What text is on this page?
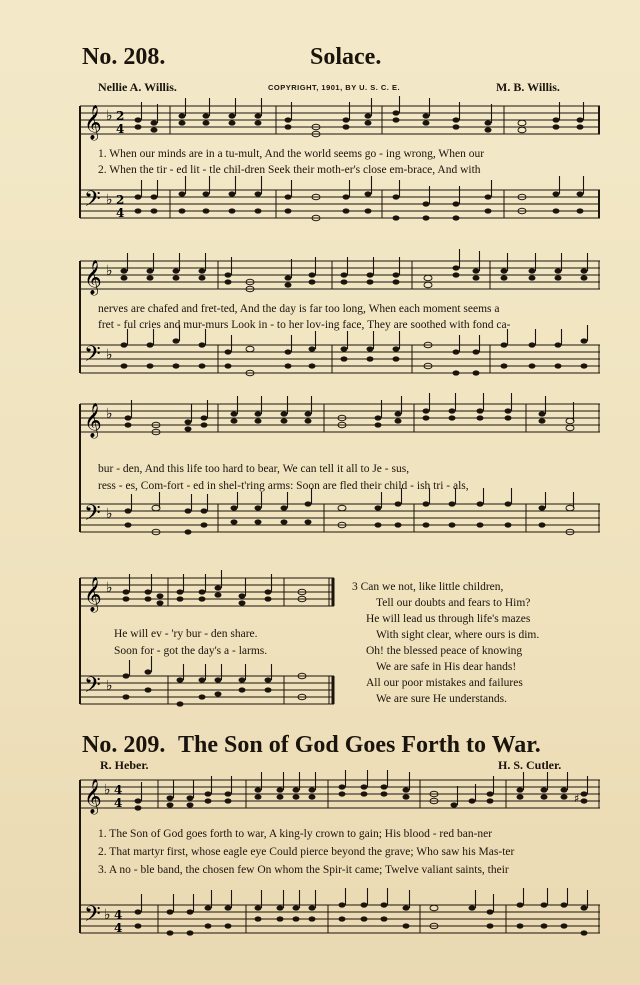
No. 208.	Solace.
Nellie A. Willis.	COPYRIGHT, 1901, BY U. S. C. E.	M. B. Willis.
𝄞
𝄢
♭
♭
2
4
2
4
1. When our minds are in a tu-mult, And the world seems go - ing wrong, When our
2. When the tir - ed lit - tle chil-dren Seek their moth-er's close em-brace, And with
𝄞
𝄢
♭
♭
nerves are chafed and fret-ted, And the day is far too long, When each moment seems a
fret - ful cries and mur-murs Look in - to her lov-ing face, They are soothed with fond ca-
𝄞
𝄢
♭
♭
bur - den, And this life too hard to bear, We can tell it all to Je - sus,
ress - es, Com-fort - ed in shel-t'ring arms: Soon are fled their child - ish tri - als,
𝄞
𝄢
♭
♭
He will ev - 'ry bur - den share.
Soon for - got the day's a - larms.
3 Can we not, like little children,
Tell our doubts and fears to Him?
He will lead us through life's mazes
With sight clear, where ours is dim.
Oh! the blessed peace of knowing
We are safe in His dear hands!
All our poor mistakes and failures
We are sure He understands.
No. 209. The Son of God Goes Forth to War.
R. Heber.	H. S. Cutler.
𝄞
𝄢
♭
♭
4
4
4
4
♯
1. The Son of God goes forth to war, A king-ly crown to gain; His blood - red ban-ner
2. That martyr first, whose eagle eye Could pierce beyond the grave; Who saw his Mas-ter
3. A no - ble band, the chosen few On whom the Spir-it came; Twelve valiant saints, their
